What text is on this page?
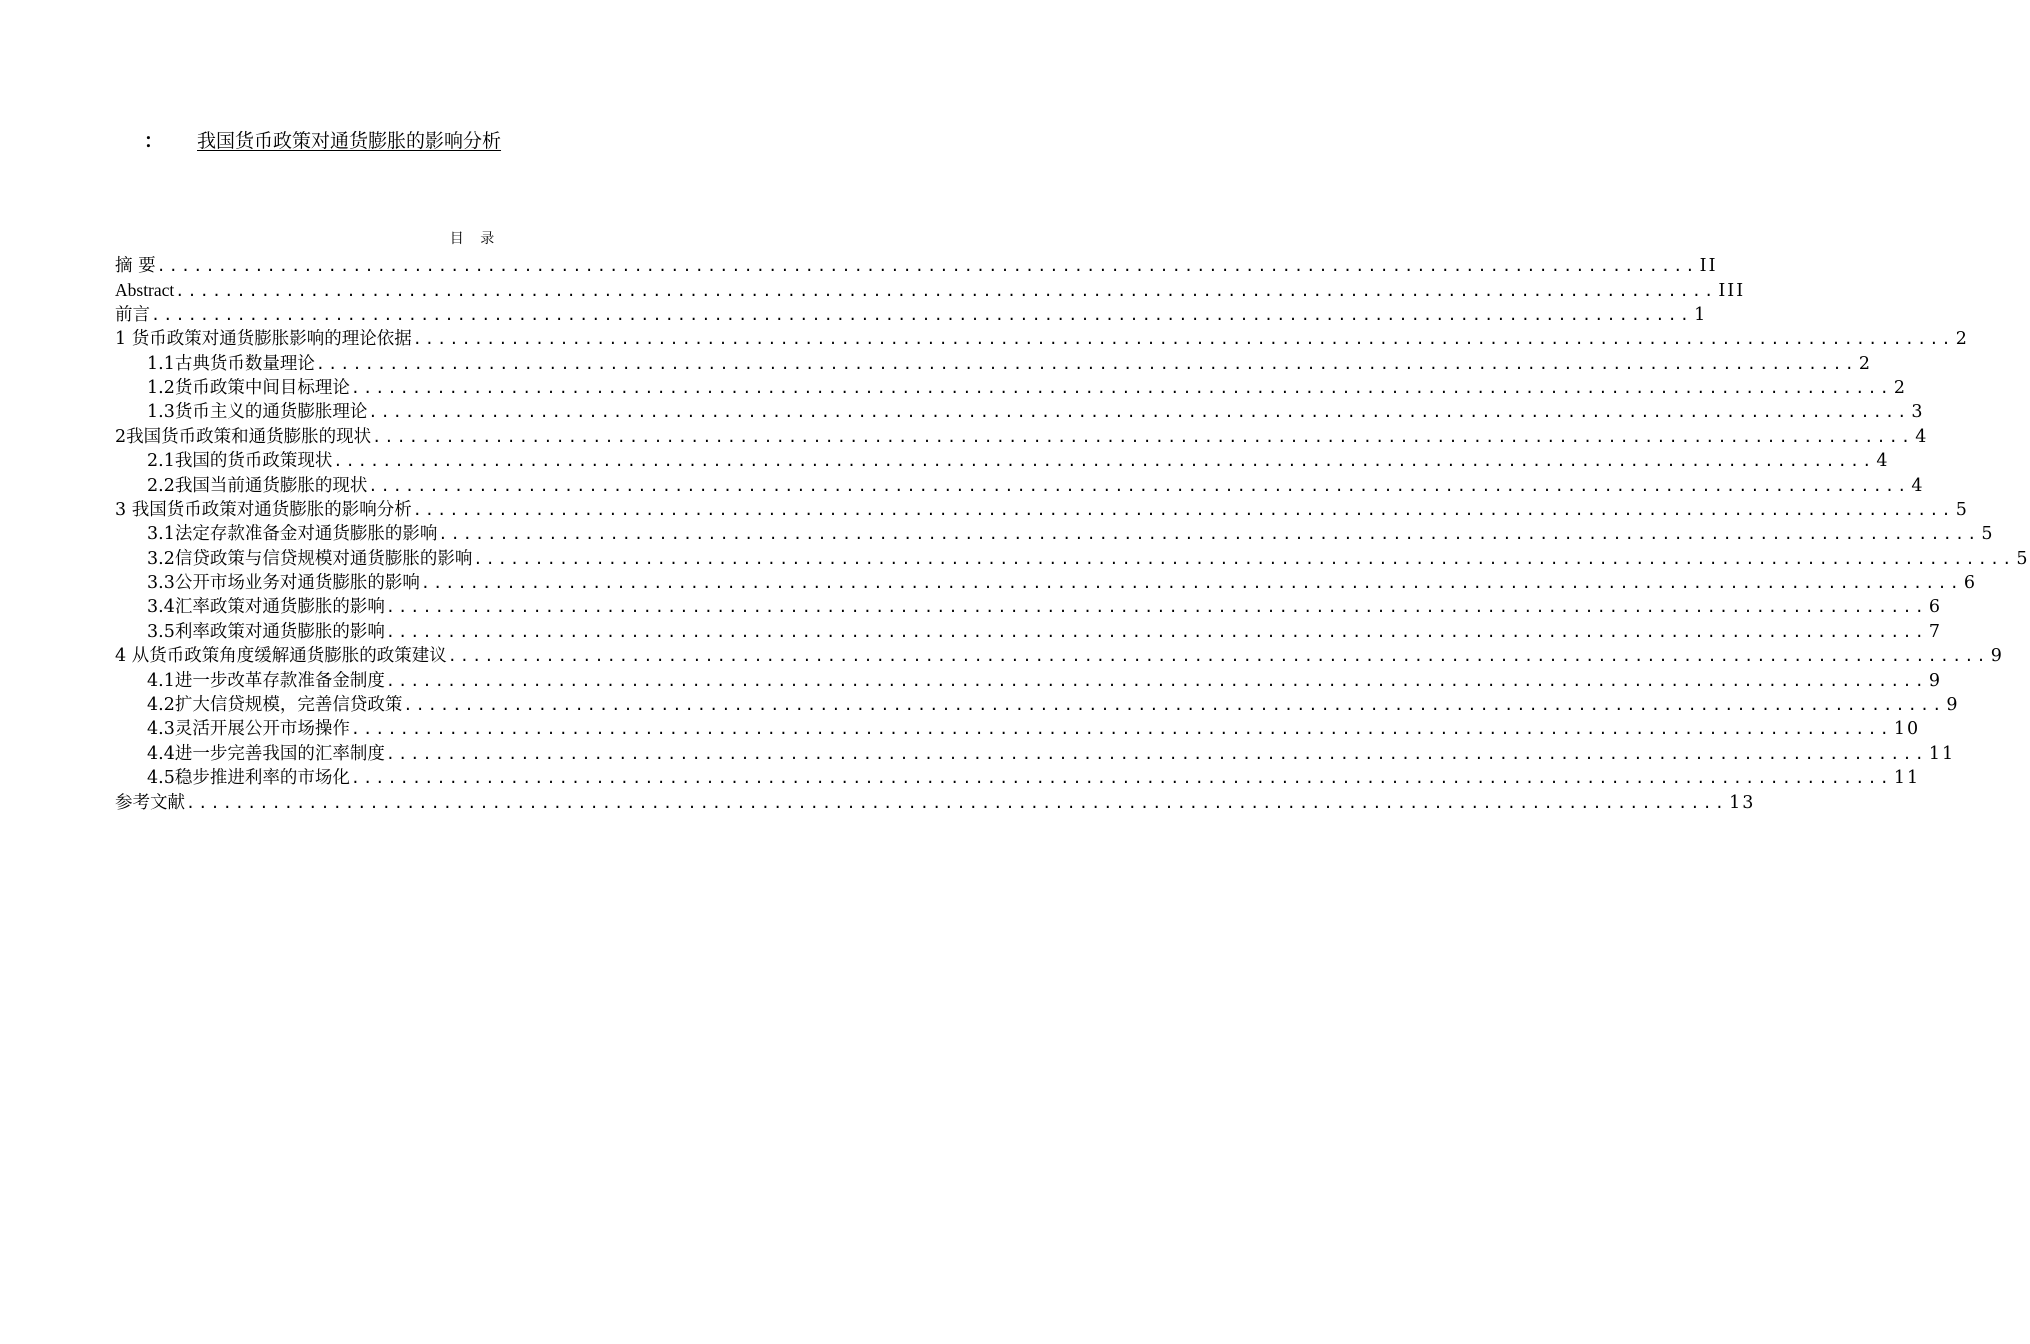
： 我国货币政策对通货膨胀的影响分析
目 录
摘 要 .............................................................................................................................. II
Abstract .............................................................................................................................. III
前言 .............................................................................................................................. 1
1 货币政策对通货膨胀影响的理论依据 .............................................................................................................................. 2
1.1古典货币数量理论 .............................................................................................................................. 2
1.2货币政策中间目标理论 .............................................................................................................................. 2
1.3货币主义的通货膨胀理论 .............................................................................................................................. 3
2我国货币政策和通货膨胀的现状 .............................................................................................................................. 4
2.1我国的货币政策现状 .............................................................................................................................. 4
2.2我国当前通货膨胀的现状 .............................................................................................................................. 4
3 我国货币政策对通货膨胀的影响分析 .............................................................................................................................. 5
3.1法定存款准备金对通货膨胀的影响 .............................................................................................................................. 5
3.2信贷政策与信贷规模对通货膨胀的影响 .............................................................................................................................. 5
3.3公开市场业务对通货膨胀的影响 .............................................................................................................................. 6
3.4汇率政策对通货膨胀的影响 .............................................................................................................................. 6
3.5利率政策对通货膨胀的影响 .............................................................................................................................. 7
4 从货币政策角度缓解通货膨胀的政策建议 .............................................................................................................................. 9
4.1进一步改革存款准备金制度 .............................................................................................................................. 9
4.2扩大信贷规模，完善信贷政策 .............................................................................................................................. 9
4.3灵活开展公开市场操作 .............................................................................................................................. 10
4.4进一步完善我国的汇率制度 .............................................................................................................................. 11
4.5稳步推进利率的市场化 .............................................................................................................................. 11
参考文献 .............................................................................................................................. 13
